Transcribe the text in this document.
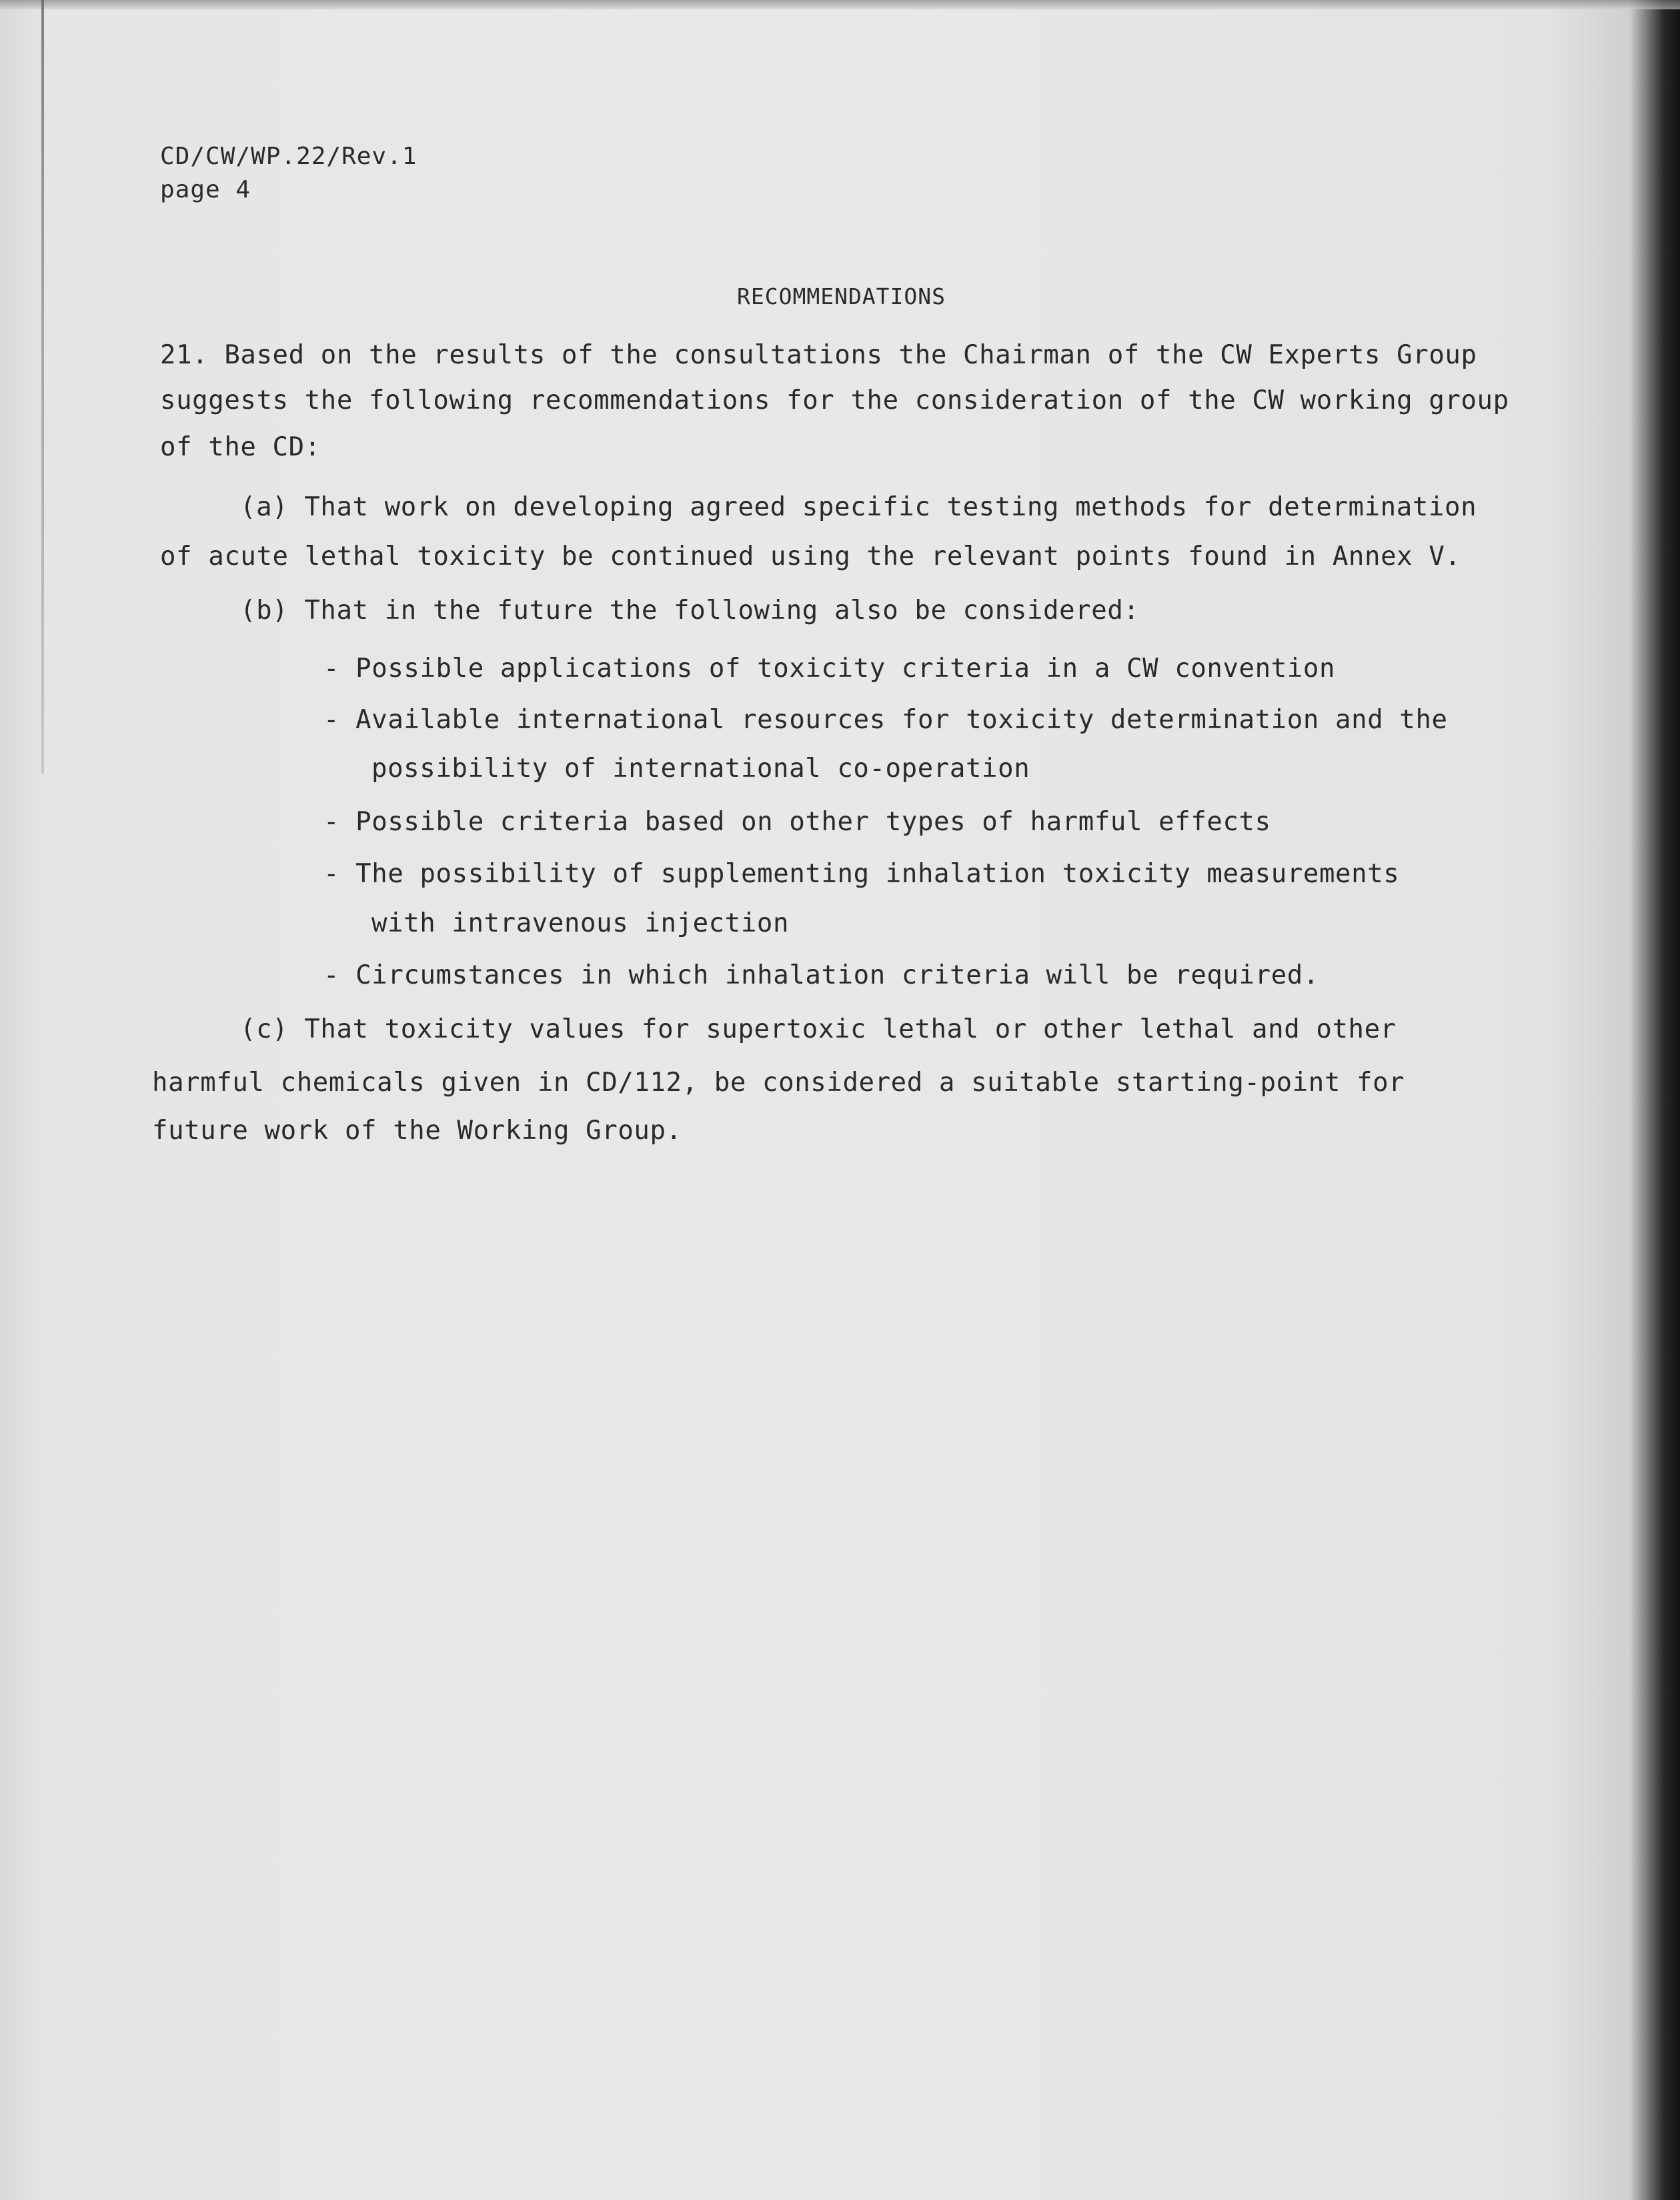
CD/CW/WP.22/Rev.1
page 4
RECOMMENDATIONS
21. Based on the results of the consultations the Chairman of the CW Experts Group
suggests the following recommendations for the consideration of the CW working group
of the CD:
(a) That work on developing agreed specific testing methods for determination
of acute lethal toxicity be continued using the relevant points found in Annex V.
(b) That in the future the following also be considered:
- Possible applications of toxicity criteria in a CW convention
- Available international resources for toxicity determination and the
possibility of international co-operation
- Possible criteria based on other types of harmful effects
- The possibility of supplementing inhalation toxicity measurements
with intravenous injection
- Circumstances in which inhalation criteria will be required.
(c) That toxicity values for supertoxic lethal or other lethal and other
harmful chemicals given in CD/112, be considered a suitable starting-point for
future work of the Working Group.
